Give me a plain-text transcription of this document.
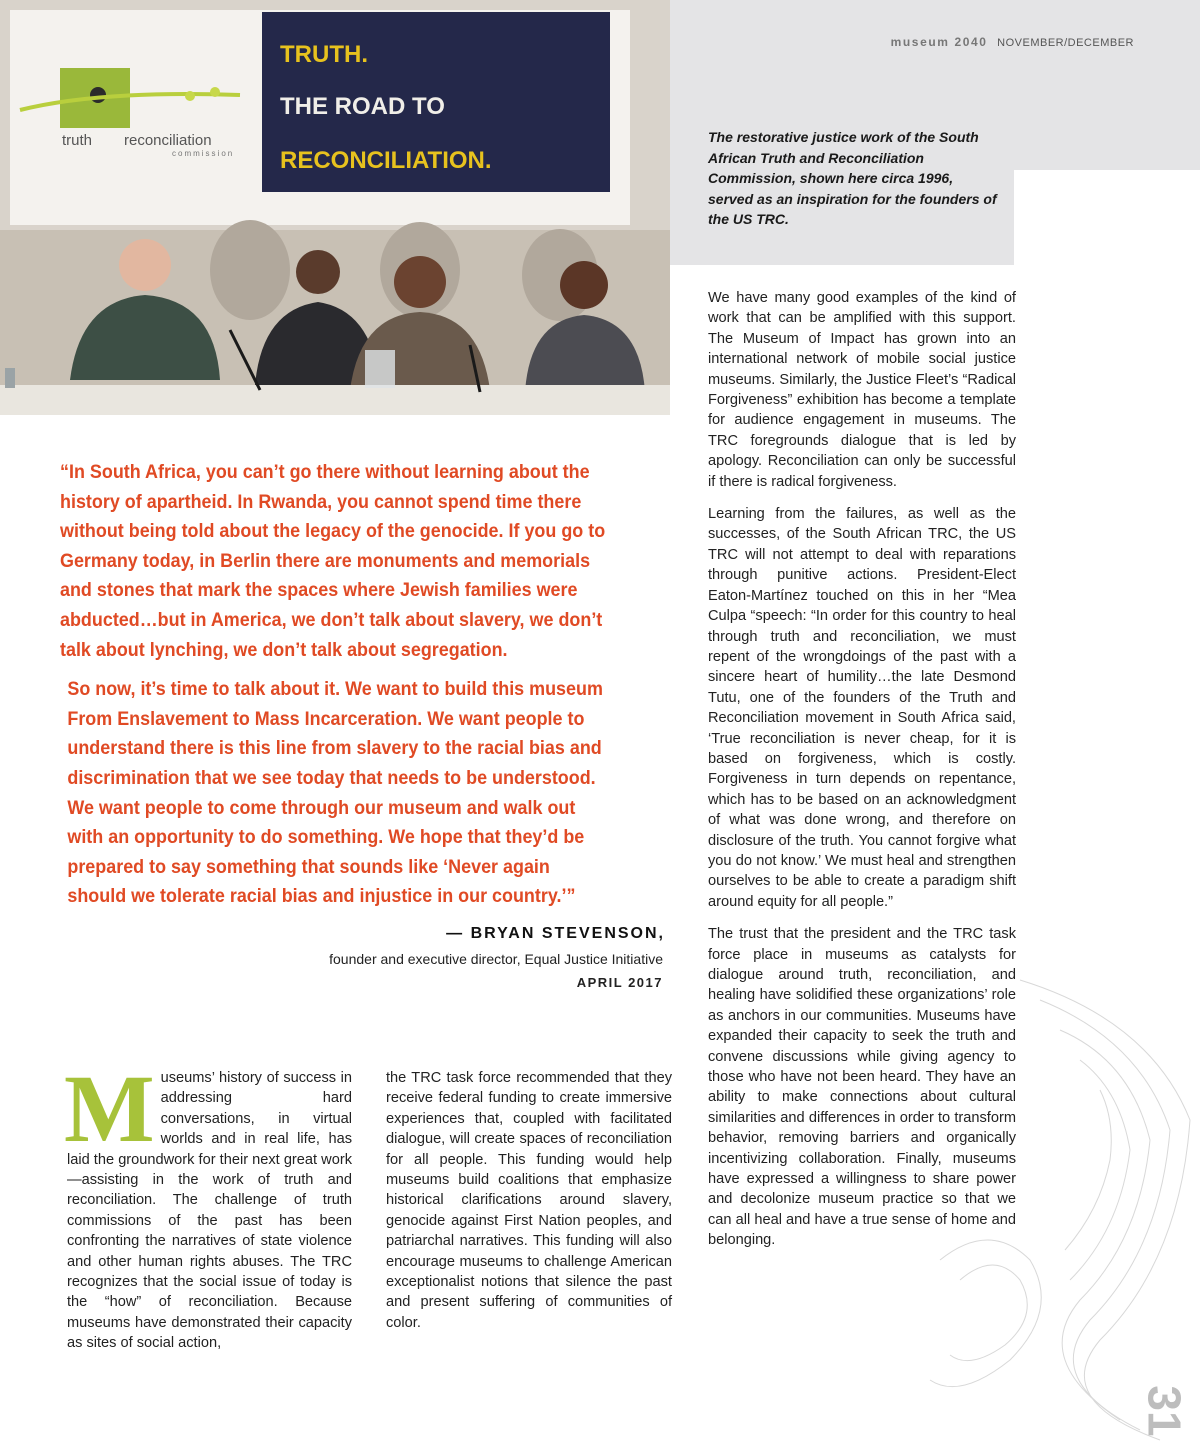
museum 2040 NOVEMBER/DECEMBER
truth reconciliation
commission
TRUTH.
THE ROAD TO
RECONCILIATION.
The restorative justice work of the South African Truth and Reconciliation Commission, shown here circa 1996, served as an inspiration for the founders of the US TRC.

“In South Africa, you can’t go there without learning about the history of apartheid. In Rwanda, you cannot spend time there without being told about the legacy of the genocide. If you go to Germany today, in Berlin there are monuments and memorials and stones that mark the spaces where Jewish families were abducted…but in America, we don’t talk about slavery, we don’t talk about lynching, we don’t talk about segregation.

So now, it’s time to talk about it. We want to build this museum From Enslavement to Mass Incarceration. We want people to understand there is this line from slavery to the racial bias and discrimination that we see today that needs to be understood. We want people to come through our museum and walk out with an opportunity to do something. We hope that they’d be prepared to say something that sounds like ‘Never again should we tolerate racial bias and injustice in our country.’”

— BRYAN STEVENSON,
founder and executive director, Equal Justice Initiative
APRIL 2017
M useums’ history of success in addressing hard conversations, in virtual worlds and in real life, has laid the groundwork for their next great work—assisting in the work of truth and reconciliation. The challenge of truth commissions of the past has been confronting the narratives of state violence and other human rights abuses. The TRC recognizes that the social issue of today is the “how” of reconciliation. Because museums have demonstrated their capacity as sites of social action,

the TRC task force recommended that they receive federal funding to create immersive experiences that, coupled with facilitated dialogue, will create spaces of reconciliation for all people. This funding would help museums build coalitions that emphasize historical clarifications around slavery, genocide against First Nation peoples, and patriarchal narratives. This funding will also encourage museums to challenge American exceptionalist notions that silence the past and present suffering of communities of color.

We have many good examples of the kind of work that can be amplified with this support. The Museum of Impact has grown into an international network of mobile social justice museums. Similarly, the Justice Fleet’s “Radical Forgiveness” exhibition has become a template for audience engagement in museums. The TRC foregrounds dialogue that is led by apology. Reconciliation can only be successful if there is radical forgiveness.

Learning from the failures, as well as the successes, of the South African TRC, the US TRC will not attempt to deal with reparations through punitive actions. President-Elect Eaton-Martínez touched on this in her “Mea Culpa “speech: “In order for this country to heal through truth and reconciliation, we must repent of the wrongdoings of the past with a sincere heart of humility…the late Desmond Tutu, one of the founders of the Truth and Reconciliation movement in South Africa said, ‘True reconciliation is never cheap, for it is based on forgiveness, which is costly. Forgiveness in turn depends on repentance, which has to be based on an acknowledgment of what was done wrong, and therefore on disclosure of the truth. You cannot forgive what you do not know.’ We must heal and strengthen ourselves to be able to create a paradigm shift around equity for all people.”

The trust that the president and the TRC task force place in museums as catalysts for dialogue around truth, reconciliation, and healing have solidified these organizations’ role as anchors in our communities. Museums have expanded their capacity to seek the truth and convene discussions while giving agency to those who have not been heard. They have an ability to make connections about cultural similarities and differences in order to transform behavior, removing barriers and organically incentivizing collaboration. Finally, museums have expressed a willingness to share power and decolonize museum practice so that we can all heal and have a true sense of home and belonging.

31
